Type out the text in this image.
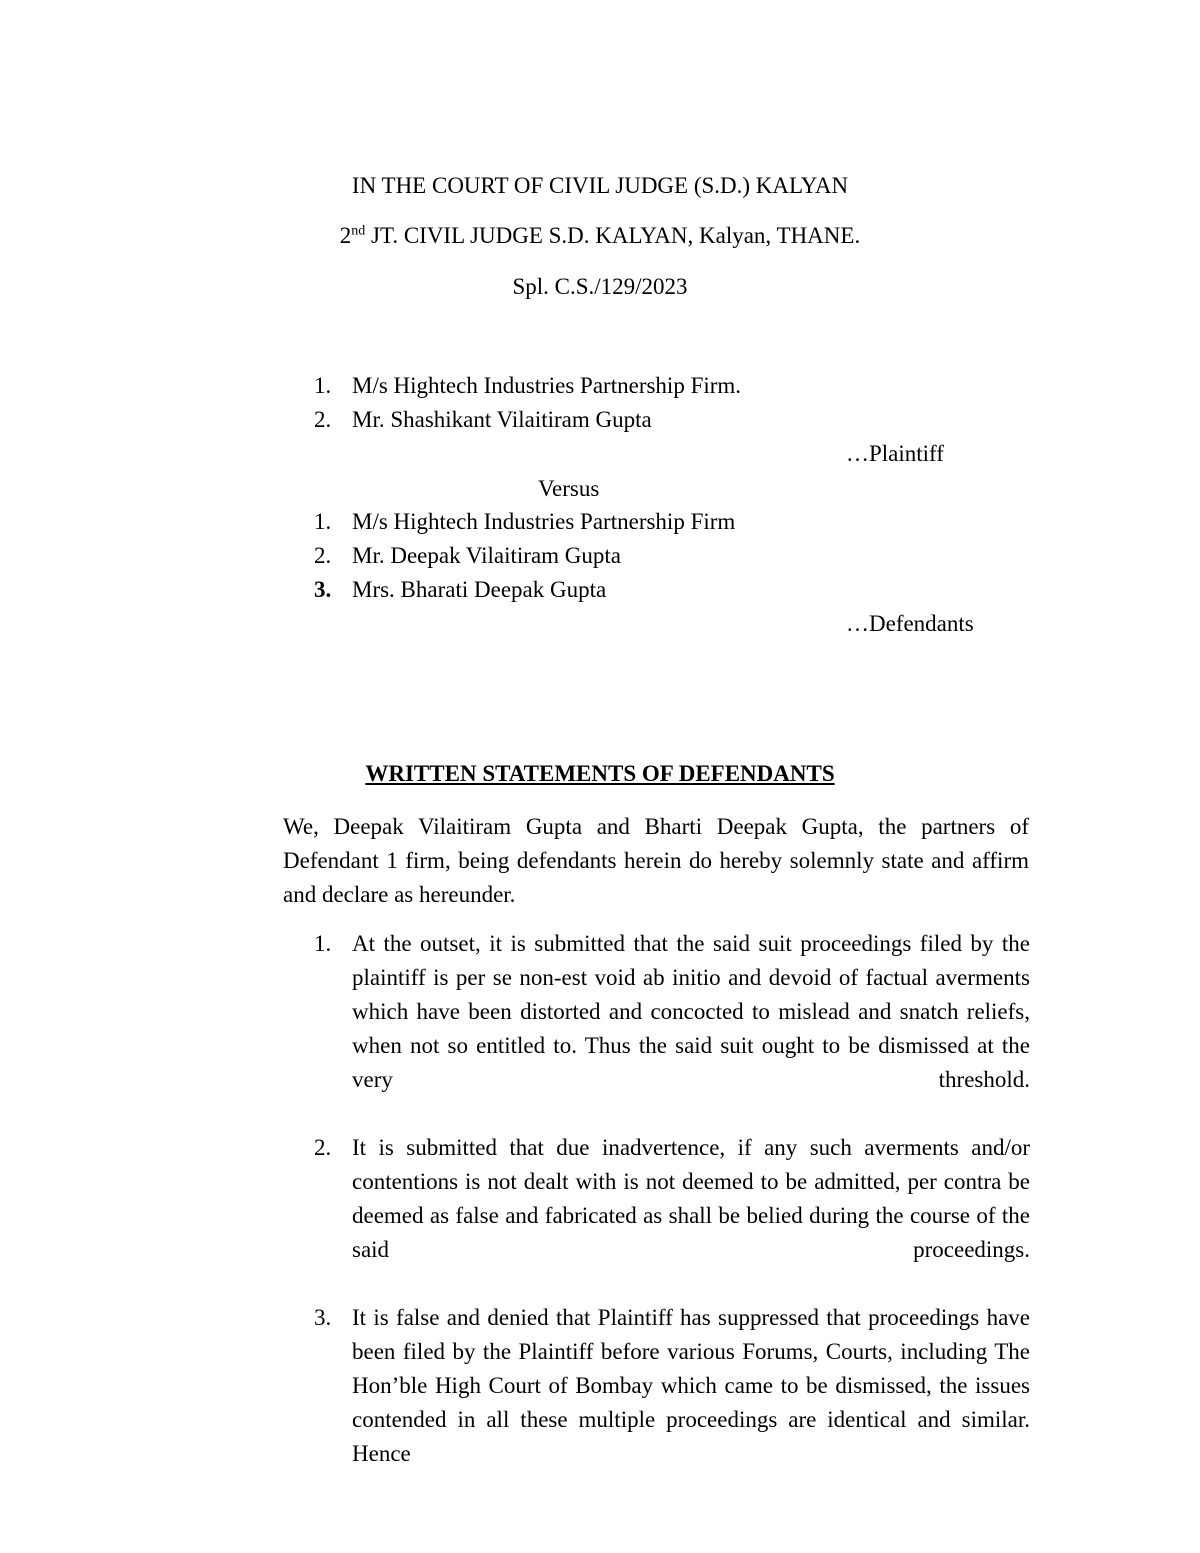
IN THE COURT OF CIVIL JUDGE (S.D.) KALYAN
2nd JT. CIVIL JUDGE S.D. KALYAN, Kalyan, THANE.
Spl. C.S./129/2023
1. M/s Hightech Industries Partnership Firm.
2. Mr. Shashikant Vilaitiram Gupta
…Plaintiff
Versus
1. M/s Hightech Industries Partnership Firm
2. Mr. Deepak Vilaitiram Gupta
3. Mrs. Bharati Deepak Gupta
…Defendants
WRITTEN STATEMENTS OF DEFENDANTS
We, Deepak Vilaitiram Gupta and Bharti Deepak Gupta, the partners of Defendant 1 firm, being defendants herein do hereby solemnly state and affirm and declare as hereunder.
1. At the outset, it is submitted that the said suit proceedings filed by the plaintiff is per se non-est void ab initio and devoid of factual averments which have been distorted and concocted to mislead and snatch reliefs, when not so entitled to. Thus the said suit ought to be dismissed at the very threshold.
2. It is submitted that due inadvertence, if any such averments and/or contentions is not dealt with is not deemed to be admitted, per contra be deemed as false and fabricated as shall be belied during the course of the said proceedings.
3. It is false and denied that Plaintiff has suppressed that proceedings have been filed by the Plaintiff before various Forums, Courts, including The Hon’ble High Court of Bombay which came to be dismissed, the issues contended in all these multiple proceedings are identical and similar. Hence
